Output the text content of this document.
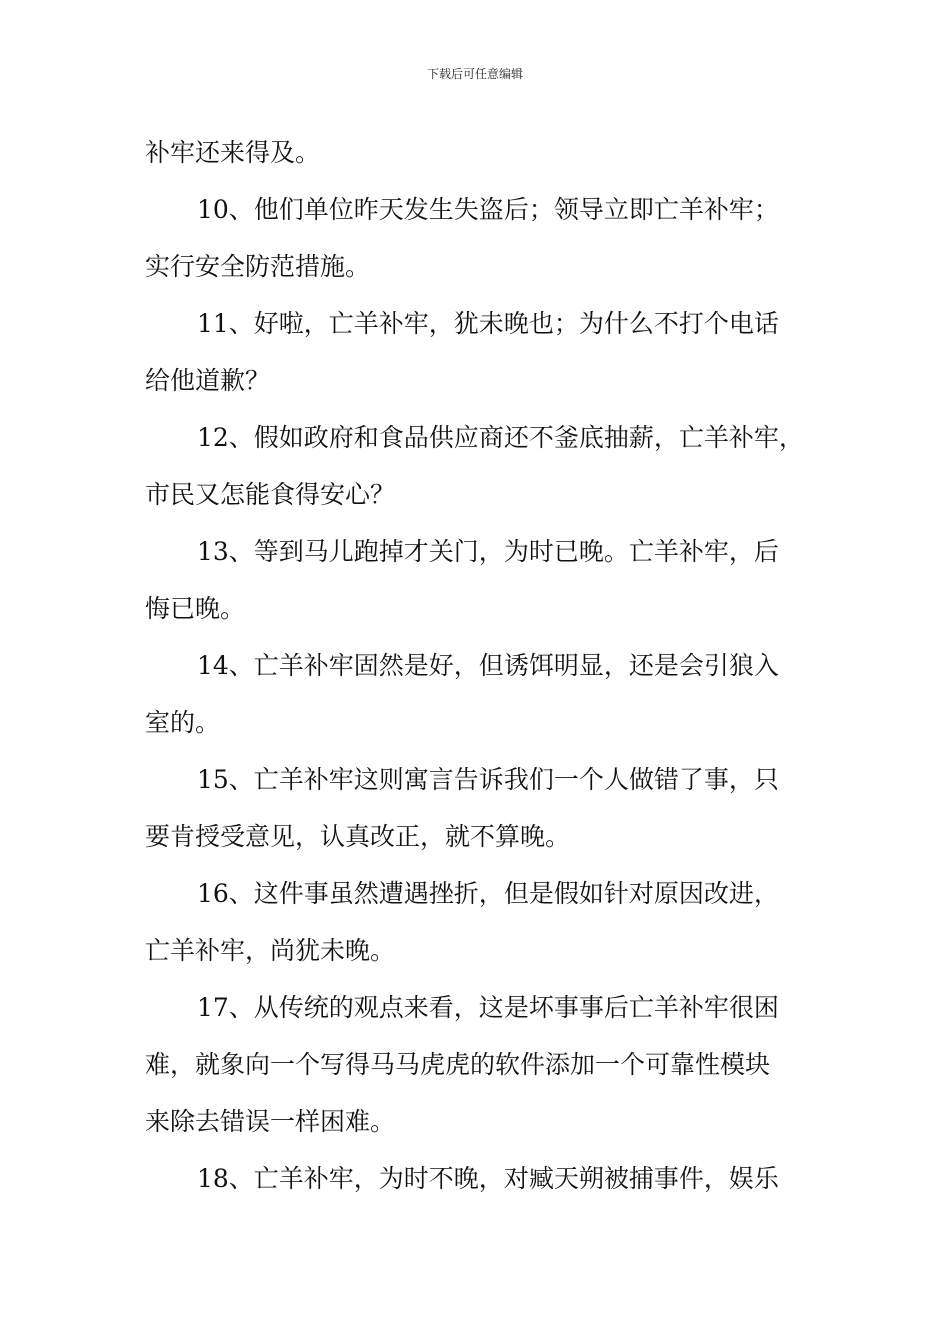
下载后可任意编辑
补牢还来得及。
10、他们单位昨天发生失盗后；领导立即亡羊补牢；
实行安全防范措施。
11、好啦，亡羊补牢，犹未晚也；为什么不打个电话
给他道歉？
12、假如政府和食品供应商还不釜底抽薪，亡羊补牢，
市民又怎能食得安心？
13、等到马儿跑掉才关门，为时已晚。亡羊补牢，后
悔已晚。
14、亡羊补牢固然是好，但诱饵明显，还是会引狼入
室的。
15、亡羊补牢这则寓言告诉我们一个人做错了事，只
要肯授受意见，认真改正，就不算晚。
16、这件事虽然遭遇挫折，但是假如针对原因改进，
亡羊补牢，尚犹未晚。
17、从传统的观点来看，这是坏事事后亡羊补牢很困
难，就象向一个写得马马虎虎的软件添加一个可靠性模块
来除去错误一样困难。
18、亡羊补牢，为时不晚，对臧天朔被捕事件，娱乐
